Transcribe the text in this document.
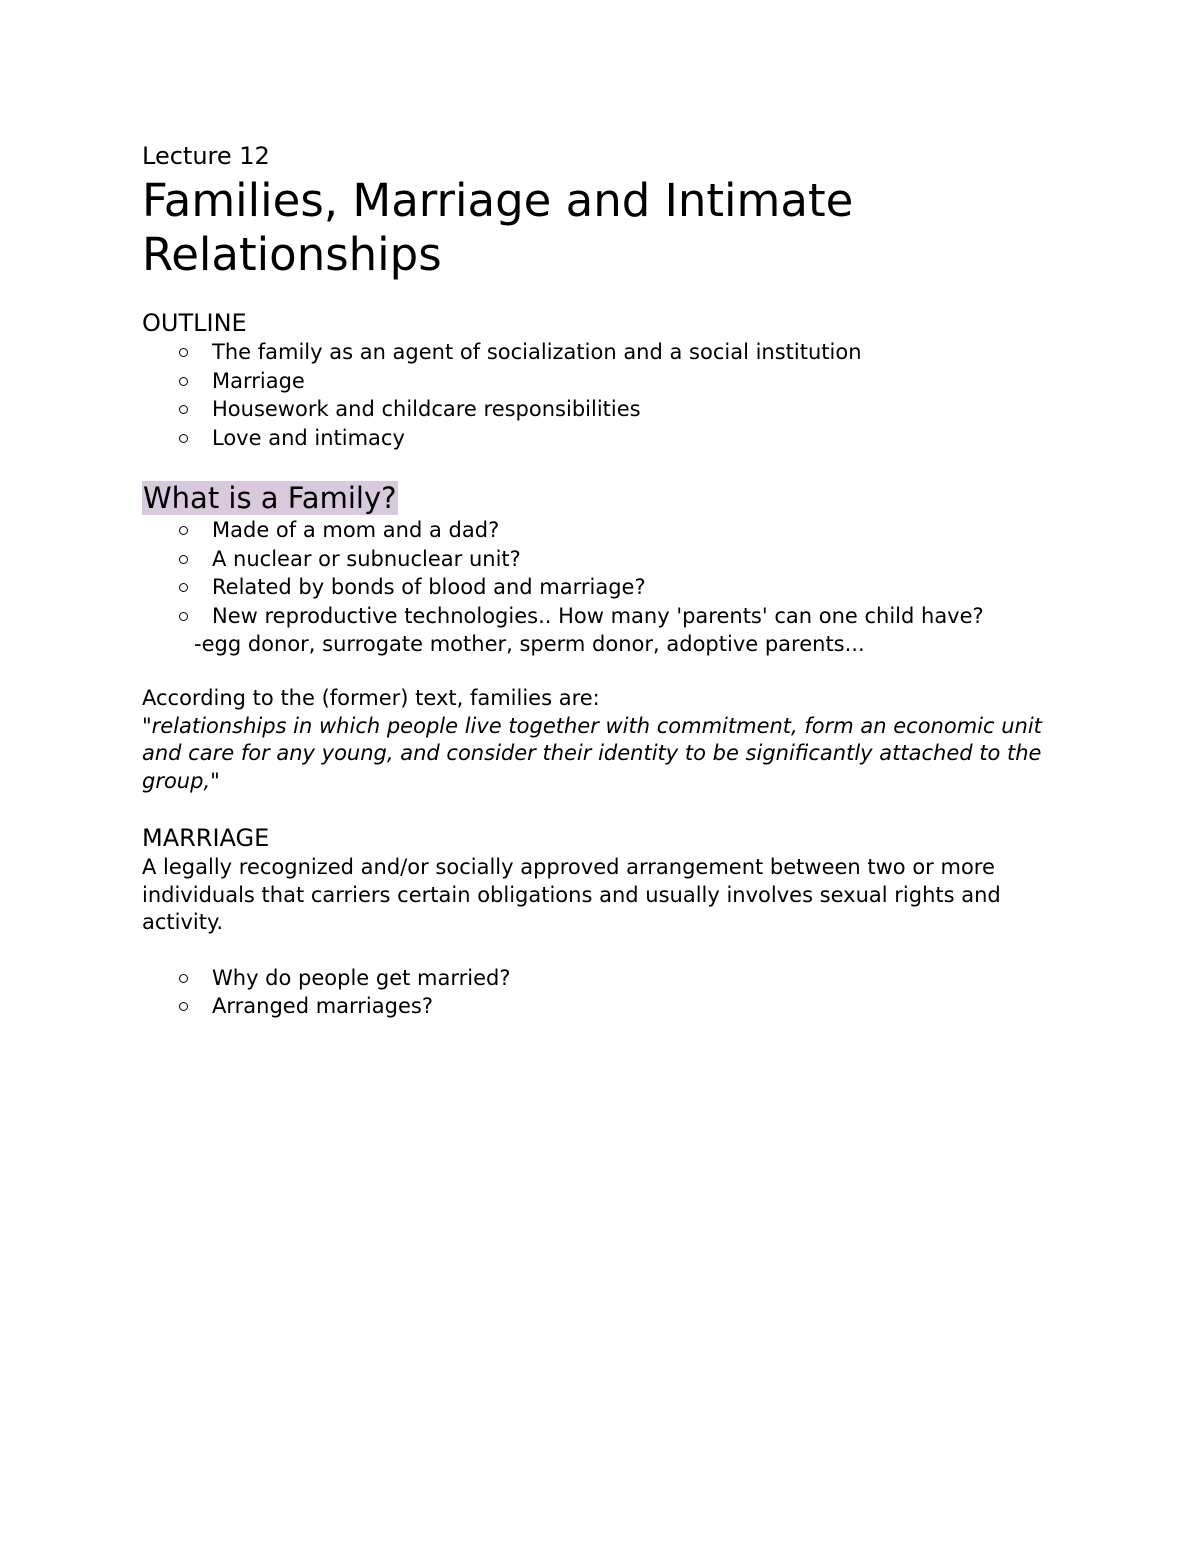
Lecture 12

Families, Marriage and Intimate Relationships
OUTLINE
The family as an agent of socialization and a social institution
Marriage
Housework and childcare responsibilities
Love and intimacy
What is a Family?
Made of a mom and a dad?
A nuclear or subnuclear unit?
Related by bonds of blood and marriage?
New reproductive technologies.. How many 'parents' can one child have?

-egg donor, surrogate mother, sperm donor, adoptive parents...

According to the (former) text, families are:

"relationships in which people live together with commitment, form an economic unit and care for any young, and consider their identity to be significantly attached to the group,"

MARRIAGE

A legally recognized and/or socially approved arrangement between two or more individuals that carriers certain obligations and usually involves sexual rights and activity.

Why do people get married?
Arranged marriages?
